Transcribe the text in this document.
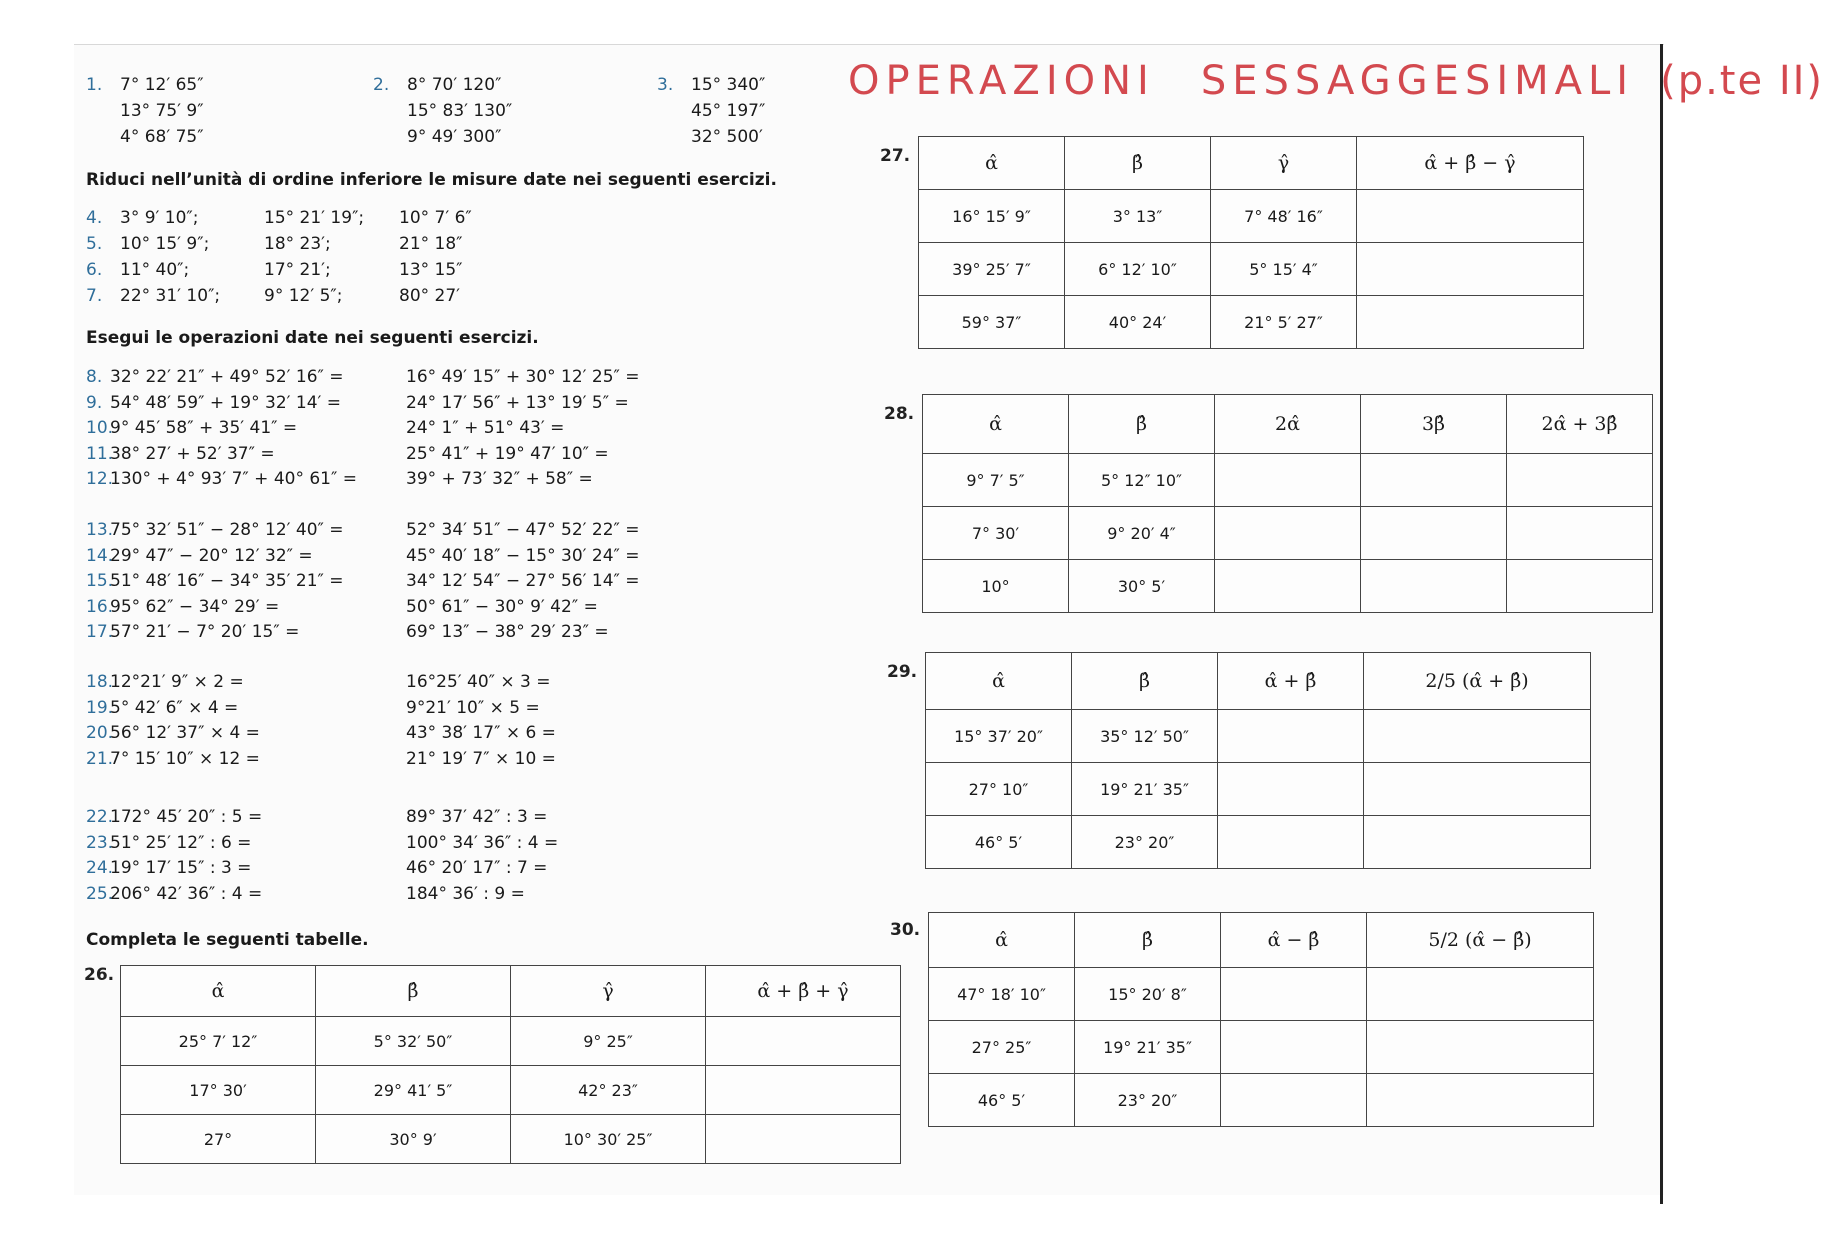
OPERAZIONI SESSAGGESIMALI (p.te II)
1. 7° 12′ 65″
13° 75′ 9″
4° 68′ 75″
2. 8° 70′ 120″
15° 83′ 130″
9° 49′ 300″
3. 15° 340″
45° 197″
32° 500′
Riduci nell’unità di ordine inferiore le misure date nei seguenti esercizi.
4. 3° 9′ 10″;	15° 21′ 19″; 10° 7′ 6″
5. 10° 15′ 9″;	18° 23′;	21° 18″
6. 11° 40″;	17° 21′;	13° 15″
7. 22° 31′ 10″;	9° 12′ 5″;	80° 27′
Esegui le operazioni date nei seguenti esercizi.
8. 32° 22′ 21″ + 49° 52′ 16″ =	16° 49′ 15″ + 30° 12′ 25″ =
9. 54° 48′ 59″ + 19° 32′ 14′ =	24° 17′ 56″ + 13° 19′ 5″ =
10.9° 45′ 58″ + 35′ 41″ =	24° 1″ + 51° 43′ =
11.38° 27′ + 52′ 37″ =	25° 41″ + 19° 47′ 10″ =
12.130° + 4° 93′ 7″ + 40° 61″ =	39° + 73′ 32″ + 58″ =
13.75° 32′ 51″ − 28° 12′ 40″ =	52° 34′ 51″ − 47° 52′ 22″ =
14.29° 47″ − 20° 12′ 32″ =	45° 40′ 18″ − 15° 30′ 24″ =
15.51° 48′ 16″ − 34° 35′ 21″ =	34° 12′ 54″ − 27° 56′ 14″ =
16.95° 62″ − 34° 29′ =	50° 61″ − 30° 9′ 42″ =
17.57° 21′ − 7° 20′ 15″ =	69° 13″ − 38° 29′ 23″ =
18.12°21′ 9″ × 2 =	16°25′ 40″ × 3 =
19.5° 42′ 6″ × 4 =	9°21′ 10″ × 5 =
20.56° 12′ 37″ × 4 =	43° 38′ 17″ × 6 =
21.7° 15′ 10″ × 12 =	21° 19′ 7″ × 10 =
22.172° 45′ 20″ : 5 =	89° 37′ 42″ : 3 =
23.51° 25′ 12″ : 6 =	100° 34′ 36″ : 4 =
24.19° 17′ 15″ : 3 =	46° 20′ 17″ : 7 =
25.206° 42′ 36″ : 4 =	184° 36′ : 9 =
Completa le seguenti tabelle.
26.
α̂	β̂	γ̂	α̂ + β̂ + γ̂
25° 7′ 12″	5° 32′ 50″	9° 25″	
17° 30′	29° 41′ 5″	42° 23″	
27°	30° 9′	10° 30′ 25″	
27.	α̂	β̂	γ̂	α̂ + β̂ − γ̂
16° 15′ 9″	3° 13″	7° 48′ 16″	
39° 25′ 7″	6° 12′ 10″	5° 15′ 4″	
59° 37″	40° 24′	21° 5′ 27″	
28.	α̂	β̂	2α̂	3β̂	2α̂ + 3β̂
9° 7′ 5″	5° 12″ 10″			
7° 30′	9° 20′ 4″			
10°	30° 5′			
29.	α̂	β̂	α̂ + β̂	2/5 (α̂ + β̂)
15° 37′ 20″	35° 12′ 50″		
27° 10″	19° 21′ 35″		
46° 5′	23° 20″		
30.	α̂	β̂	α̂ − β̂	5/2 (α̂ − β̂)
47° 18′ 10″	15° 20′ 8″		
27° 25″	19° 21′ 35″		
46° 5′	23° 20″		
